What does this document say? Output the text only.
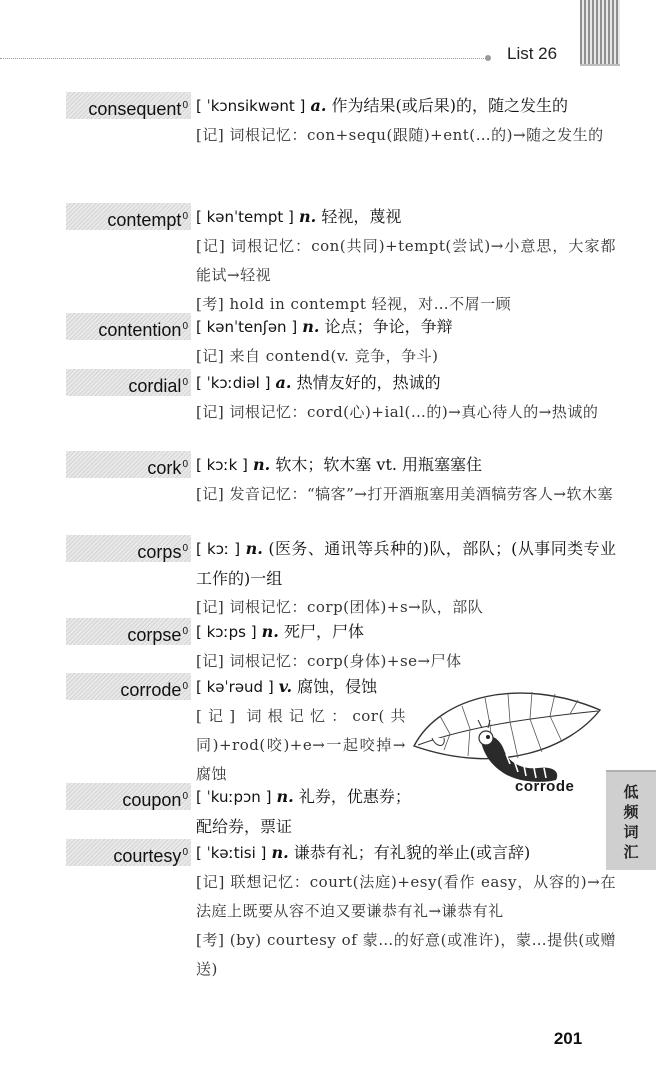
List 26
consequent$^0$ [ ˈkɔnsikwənt ] a. 作为结果(或后果)的，随之发生的

[记] 词根记忆：con+sequ(跟随)+ent(…的)→随之发生的

contempt$^0$ [ kənˈtempt ] n. 轻视，蔑视

[记] 词根记忆：con(共同)+tempt(尝试)→小意思，大家都能试→轻视

[考] hold in contempt 轻视，对…不屑一顾

contention$^0$ [ kənˈtenʃən ] n. 论点；争论，争辩

[记] 来自 contend(v. 竞争，争斗)

cordial$^0$ [ ˈkɔːdiəl ] a. 热情友好的，热诚的

[记] 词根记忆：cord(心)+ial(…的)→真心待人的→热诚的

cork$^0$ [ kɔːk ] n. 软木；软木塞 vt. 用瓶塞塞住

[记] 发音记忆：“犒客”→打开酒瓶塞用美酒犒劳客人→软木塞

corps$^0$ [ kɔː ] n. (医务、通讯等兵种的)队，部队；(从事同类专业工作的)一组

[记] 词根记忆：corp(团体)+s→队，部队

corpse$^0$ [ kɔːps ] n. 死尸，尸体

[记] 词根记忆：corp(身体)+se→尸体

corrode$^0$ [ kəˈrəud ] v. 腐蚀，侵蚀

[记] 词根记忆：cor(共同)+rod(咬)+e→一起咬掉→腐蚀

corrode
coupon$^0$ [ ˈkuːpɔn ] n. 礼券，优惠券；配给券，票证

courtesy$^0$ [ ˈkəːtisi ] n. 谦恭有礼；有礼貌的举止(或言辞)

[记] 联想记忆：court(法庭)+esy(看作 easy，从容的)→在法庭上既要从容不迫又要谦恭有礼→谦恭有礼

[考] (by) courtesy of 蒙…的好意(或准许)，蒙…提供(或赠送)

低
频
词
汇
201
